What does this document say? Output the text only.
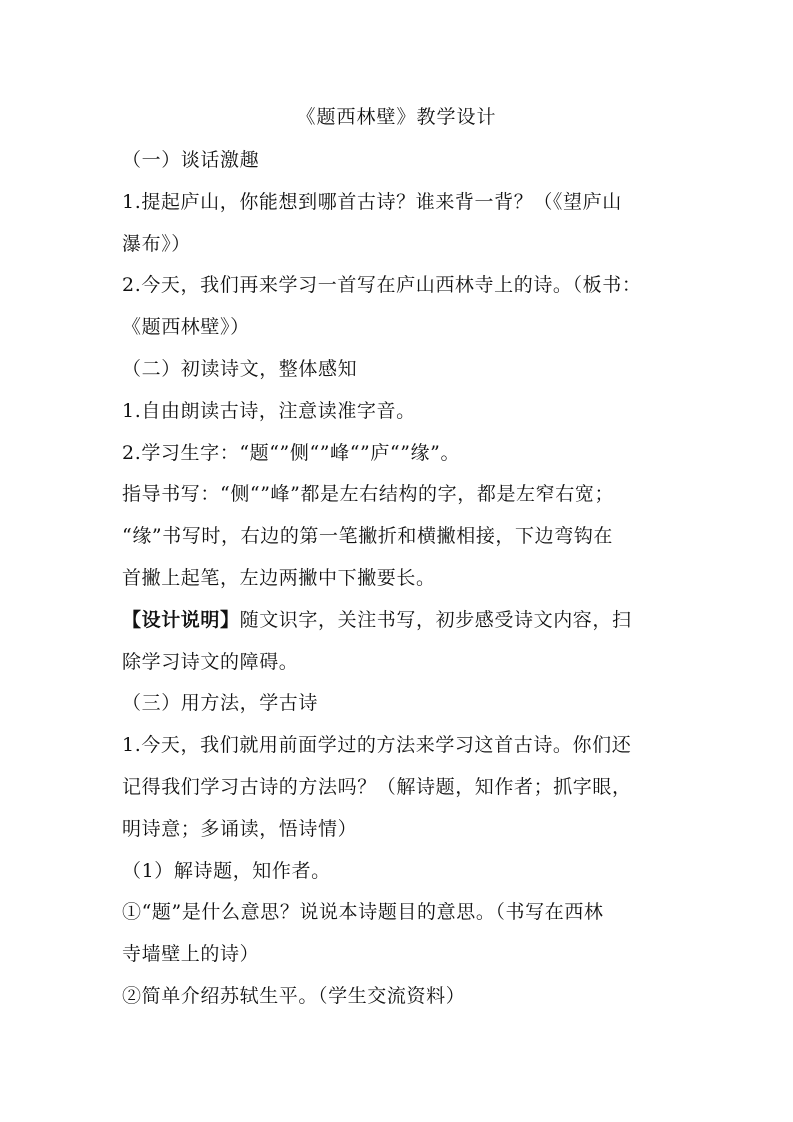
《题西林壁》教学设计
（一）谈话激趣
1.提起庐山，你能想到哪首古诗？谁来背一背？（《望庐山
瀑布》）
2.今天，我们再来学习一首写在庐山西林寺上的诗。（板书：
《题西林壁》）
（二）初读诗文，整体感知
1.自由朗读古诗，注意读准字音。
2.学习生字：“题“”侧“”峰“”庐“”缘”。
指导书写：“侧“”峰”都是左右结构的字，都是左窄右宽；
“缘”书写时，右边的第一笔撇折和横撇相接，下边弯钩在
首撇上起笔，左边两撇中下撇要长。
【设计说明】随文识字，关注书写，初步感受诗文内容，扫
除学习诗文的障碍。
（三）用方法，学古诗
1.今天，我们就用前面学过的方法来学习这首古诗。你们还
记得我们学习古诗的方法吗？（解诗题，知作者；抓字眼，
明诗意；多诵读，悟诗情）
（1）解诗题，知作者。
①“题”是什么意思？说说本诗题目的意思。（书写在西林
寺墙壁上的诗）
②简单介绍苏轼生平。（学生交流资料）
